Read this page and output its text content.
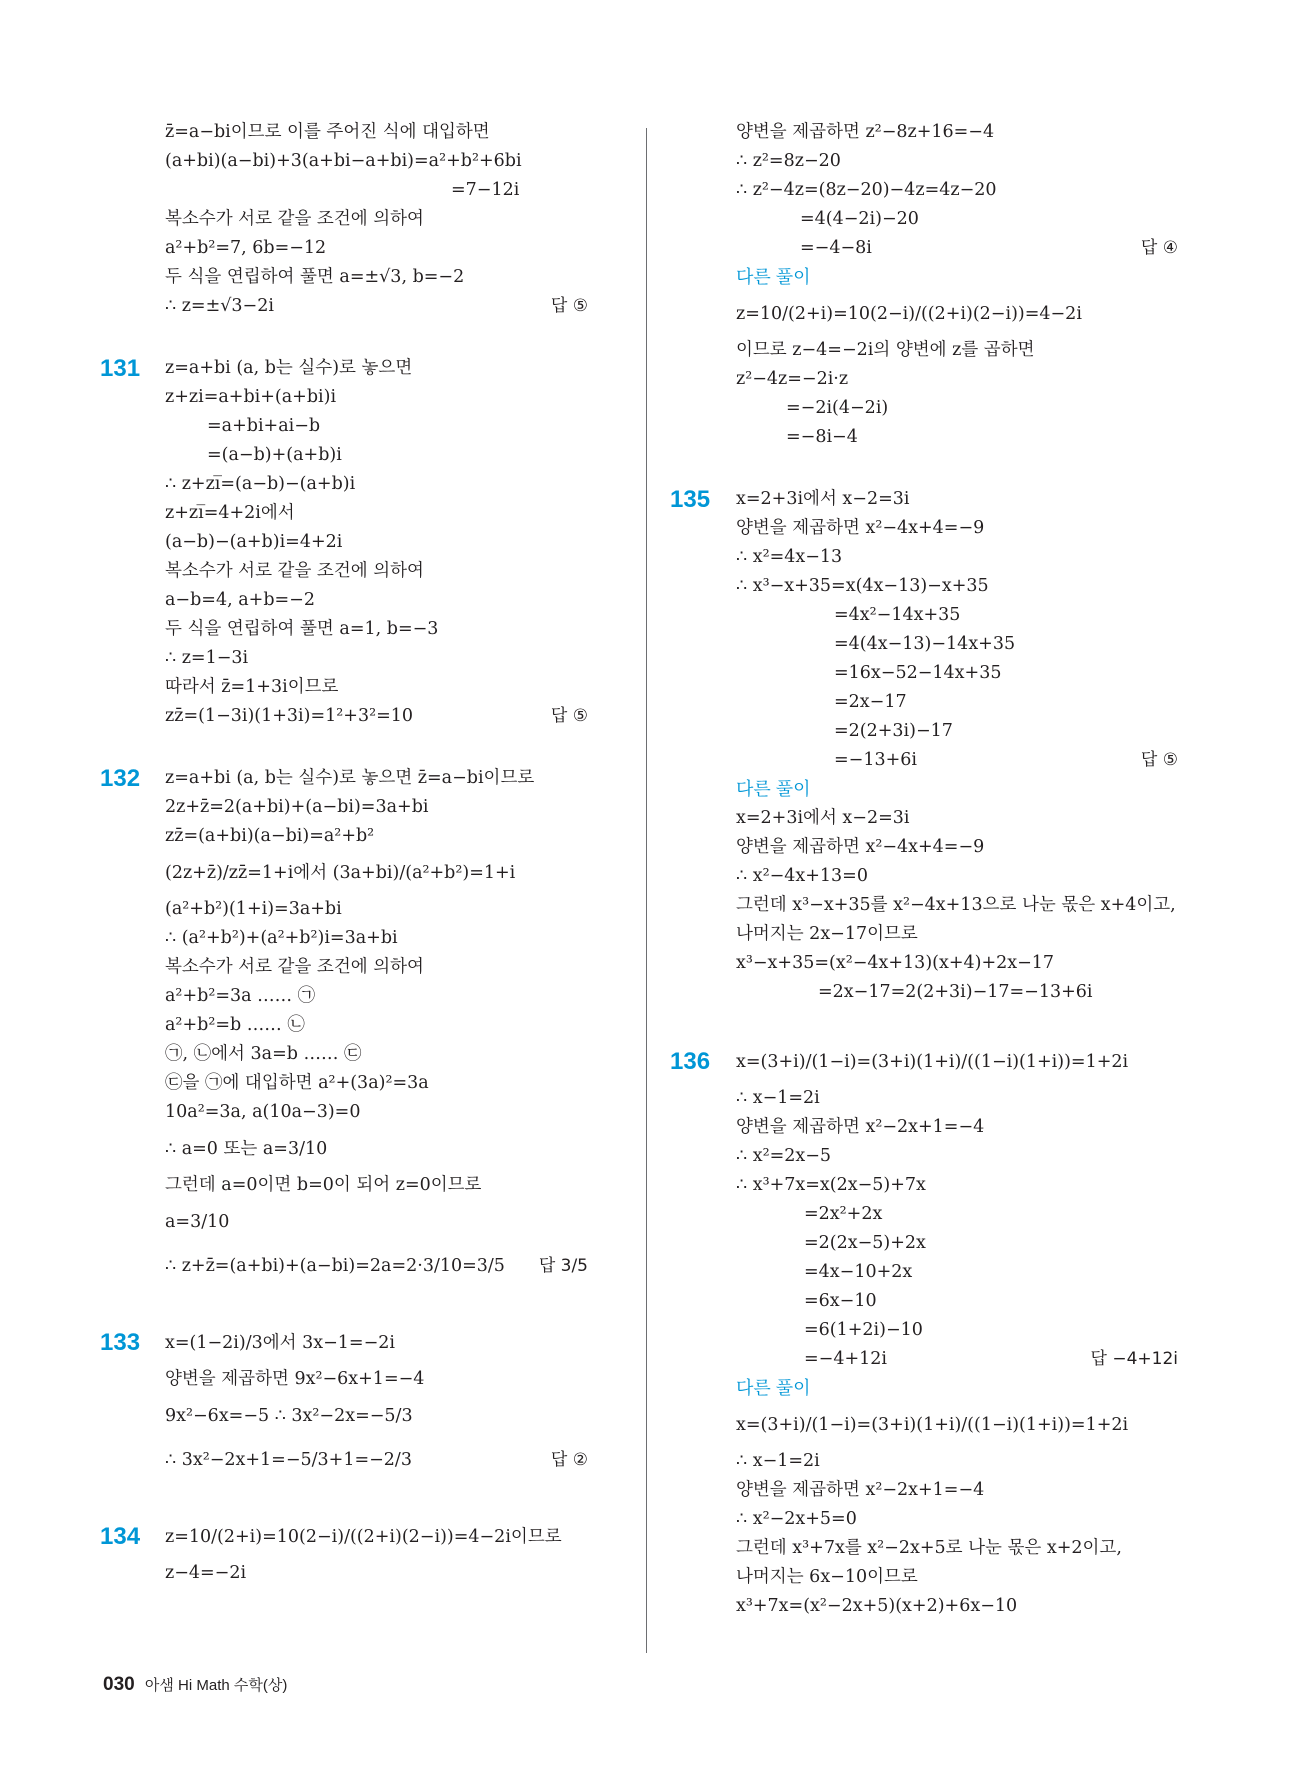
z̄=a−bi이므로 이를 주어진 식에 대입하면
(a+bi)(a−bi)+3(a+bi−a+bi)=a²+b²+6bi
=7−12i
복소수가 서로 같을 조건에 의하여
a²+b²=7, 6b=−12
두 식을 연립하여 풀면 a=±√3, b=−2
∴ z=±√3−2i	답 ⑤
131 z=a+bi (a, b는 실수)로 놓으면
z+zi=a+bi+(a+bi)i
=a+bi+ai−b
=(a−b)+(a+b)i
∴ z+zi̅=(a−b)−(a+b)i
z+zi̅=4+2i에서
(a−b)−(a+b)i=4+2i
복소수가 서로 같을 조건에 의하여
a−b=4, a+b=−2
두 식을 연립하여 풀면 a=1, b=−3
∴ z=1−3i
따라서 z̄=1+3i이므로
zz̄=(1−3i)(1+3i)=1²+3²=10	답 ⑤
132 z=a+bi (a, b는 실수)로 놓으면 z̄=a−bi이므로
2z+z̄=2(a+bi)+(a−bi)=3a+bi
zz̄=(a+bi)(a−bi)=a²+b²
(2z+z̄)/zz̄=1+i에서 (3a+bi)/(a²+b²)=1+i
(a²+b²)(1+i)=3a+bi
∴ (a²+b²)+(a²+b²)i=3a+bi
복소수가 서로 같을 조건에 의하여
a²+b²=3a …… ㉠
a²+b²=b …… ㉡
㉠, ㉡에서 3a=b …… ㉢
㉢을 ㉠에 대입하면 a²+(3a)²=3a
10a²=3a, a(10a−3)=0
∴ a=0 또는 a=3/10
그런데 a=0이면 b=0이 되어 z=0이므로
a=3/10
∴ z+z̄=(a+bi)+(a−bi)=2a=2·3/10=3/5 답 3/5
133 x=(1−2i)/3에서 3x−1=−2i
양변을 제곱하면 9x²−6x+1=−4
9x²−6x=−5 ∴ 3x²−2x=−5/3
∴ 3x²−2x+1=−5/3+1=−2/3	답 ②
134 z=10/(2+i)=10(2−i)/((2+i)(2−i))=4−2i이므로
z−4=−2i
양변을 제곱하면 z²−8z+16=−4
∴ z²=8z−20
∴ z²−4z=(8z−20)−4z=4z−20
=4(4−2i)−20
=−4−8i	답 ④
다른 풀이
z=10/(2+i)=10(2−i)/((2+i)(2−i))=4−2i
이므로 z−4=−2i의 양변에 z를 곱하면
z²−4z=−2i·z
=−2i(4−2i)
=−8i−4
135 x=2+3i에서 x−2=3i
양변을 제곱하면 x²−4x+4=−9
∴ x²=4x−13
∴ x³−x+35=x(4x−13)−x+35
=4x²−14x+35
=4(4x−13)−14x+35
=16x−52−14x+35
=2x−17
=2(2+3i)−17
=−13+6i	답 ⑤
다른 풀이
x=2+3i에서 x−2=3i
양변을 제곱하면 x²−4x+4=−9
∴ x²−4x+13=0
그런데 x³−x+35를 x²−4x+13으로 나눈 몫은 x+4이고,
나머지는 2x−17이므로
x³−x+35=(x²−4x+13)(x+4)+2x−17
=2x−17=2(2+3i)−17=−13+6i
136 x=(3+i)/(1−i)=(3+i)(1+i)/((1−i)(1+i))=1+2i
∴ x−1=2i
양변을 제곱하면 x²−2x+1=−4
∴ x²=2x−5
∴ x³+7x=x(2x−5)+7x
=2x²+2x
=2(2x−5)+2x
=4x−10+2x
=6x−10
=6(1+2i)−10
=−4+12i	답 −4+12i
다른 풀이
x=(3+i)/(1−i)=(3+i)(1+i)/((1−i)(1+i))=1+2i
∴ x−1=2i
양변을 제곱하면 x²−2x+1=−4
∴ x²−2x+5=0
그런데 x³+7x를 x²−2x+5로 나눈 몫은 x+2이고,
나머지는 6x−10이므로
x³+7x=(x²−2x+5)(x+2)+6x−10
030 아샘 Hi Math 수학(상)
